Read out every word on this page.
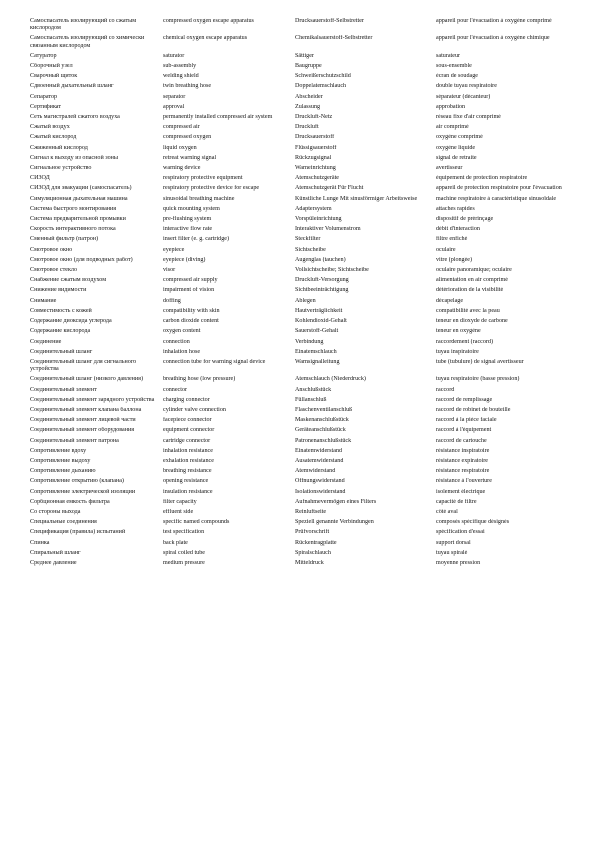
Самоспасатель изолирующий со сжатым кислородом	compressed oxygen escape apparatus	Drucksauerstoff-Selbstretter	appareil pour l'évacuation à oxygène comprimé
Самоспасатель изолирующий со химически связанным кислородом	chemical oxygen escape apparatus	Chemikalsauerstoff-Selbstretter	appareil pour l'évacuation à oxygène chimique
Сатуратор	saturator	Sättiger	saturateur
Сборочный узел	sub-assembly	Baugruppe	sous-ensemble
Сварочный щиток	welding shield	Schweißerschutzschild	écran de soudage
Сдвоенный дыхательный шланг	twin breathing hose	Doppelatemschlauch	double tuyau respiratoire
Сепаратор	separator	Abscheider	séparateur (décanteur)
Сертификат	approval	Zulassung	approbation
Сеть магистралей сжатого воздуха	permanently installed compressed air system	Druckluft-Netz	réseau fixe d'air comprimé
Сжатый воздух	compressed air	Druckluft	air comprimé
Сжатый кислород	compressed oxygen	Drucksauerstoff	oxygène comprimé
Сжиженный кислород	liquid oxygen	Flüssigsauerstoff	oxygène liquide
Сигнал к выходу из опасной зоны	retreat warning signal	Rückzugsignal	signal de retraite
Сигнальное устройство	warning device	Warneinrichtung	avertisseur
СИЗОД	respiratory protective equipment	Atemschutzgeräte	équipement de protection respiratoire
СИЗОД для эвакуации (самоспасатель)	respiratory protective device for escape	Atemschutzgerät Für Flucht	appareil de protection respiratoire pour l'évacuation
Симуляционная дыхательная машина	sinusoidal breathing machine	Künstliche Lunge Mit sinusförmiger Arbeitsweise	machine respiratoire à caractéristique sinusoïdale
Система быстрого монтирования	quick mounting system	Adaptersystem	attaches rapides
Система предварительной промывки	pre-flushing system	Vorspüleinrichtung	dispositif de prérinçage
Скорость интерактивного потока	interactive flow rate	Interaktiver Volumenstrom	débit d'interaction
Сменный фильтр (патрон)	insert filter (e. g. cartridge)	Steckfilter	filtre enfiché
Смотровое окно	eyepiece	Sichtscheibe	oculaire
Смотровое окно (для подводных работ)	eyepiece (diving)	Augenglas (tauchen)	vitre (plongée)
Смотровое стекло	visor	Vollsichtscheibe; Sichtscheibe	oculaire panoramique; oculaire
Снабжение сжатым воздухом	compressed air supply	Druckluft-Versorgung	alimentation en air comprimé
Снижение видимости	impairment of vision	Sichtbeeinträchtigung	détérioration de la visibilité
Снимание	doffing	Ablegen	décapelage
Совместимость с кожей	compatibility with skin	Hautverträglichkeit	compatibilité avec la peau
Содержание диоксида углерода	carbon dioxide content	Kohlendioxid-Gehalt	teneur en dioxyde de carbone
Содержание кислорода	oxygen content	Sauerstoff-Gehalt	teneur en oxygène
Соединение	connection	Verbindung	raccordement (raccord)
Соединительный шланг	inhalation hose	Einatemschlauch	tuyau inspiratoire
Соединительный шланг для сигнального устройства	connection tube for warning signal device	Warnsignalleitung	tube (tubulure) de signal avertisseur
Соединительный шланг (низкого давления)	breathing hose (low pressure)	Atemschlauch (Niederdruck)	tuyau respiratoire (basse pression)
Соединительный элемент	connector	Anschlußstück	raccord
Соединительный элемент зарядного устройства	charging connector	Füllanschluß	raccord de remplissage
Соединительный элемент клапана баллона	cylinder valve connection	Flaschenventilanschluß	raccord de robinet de bouteille
Соединительный элемент лицевой части	facepiece connector	Maskenanschlußstück	raccord à la pièce faciale
Соединительный элемент оборудования	equipment connector	Geräteanschlußstück	raccord à l'équipement
Соединительный элемент патрона	cartridge connector	Patronenanschlußstück	raccord de cartouche
Сопротивление вдоху	inhalation resistance	Einatemwiderstand	résistance inspiratoire
Сопротивление выдоху	exhalation resistance	Ausatemwiderstand	résistance expiratoire
Сопротивление дыханию	breathing resistance	Atemwiderstand	résistance respiratoire
Сопротивление открытию (клапана)	opening resistance	Öffnungswiderstand	résistance à l'ouverture
Сопротивление электрической изоляции	insulation resistance	Isolationswiderstand	isolement électrique
Сорбционная емкость фильтра	filter capacity	Aufnahmevermögen eines Filters	capacité de filtre
Со стороны выхода	effluent side	Reinluftseite	côté aval
Специальные соединения	specific named compounds	Speziell genannte Verbindungen	composés spécifique désignés
Спецификация (правила) испытаний	test specification	Prüfvorschrift	spécification d'essai
Спинка	back plate	Rückentragplatte	support dorsal
Спиральный шланг	spiral coiled tube	Spiralschlauch	tuyau spiralé
Среднее давление	medium pressure	Mitteldruck	moyenne pression
